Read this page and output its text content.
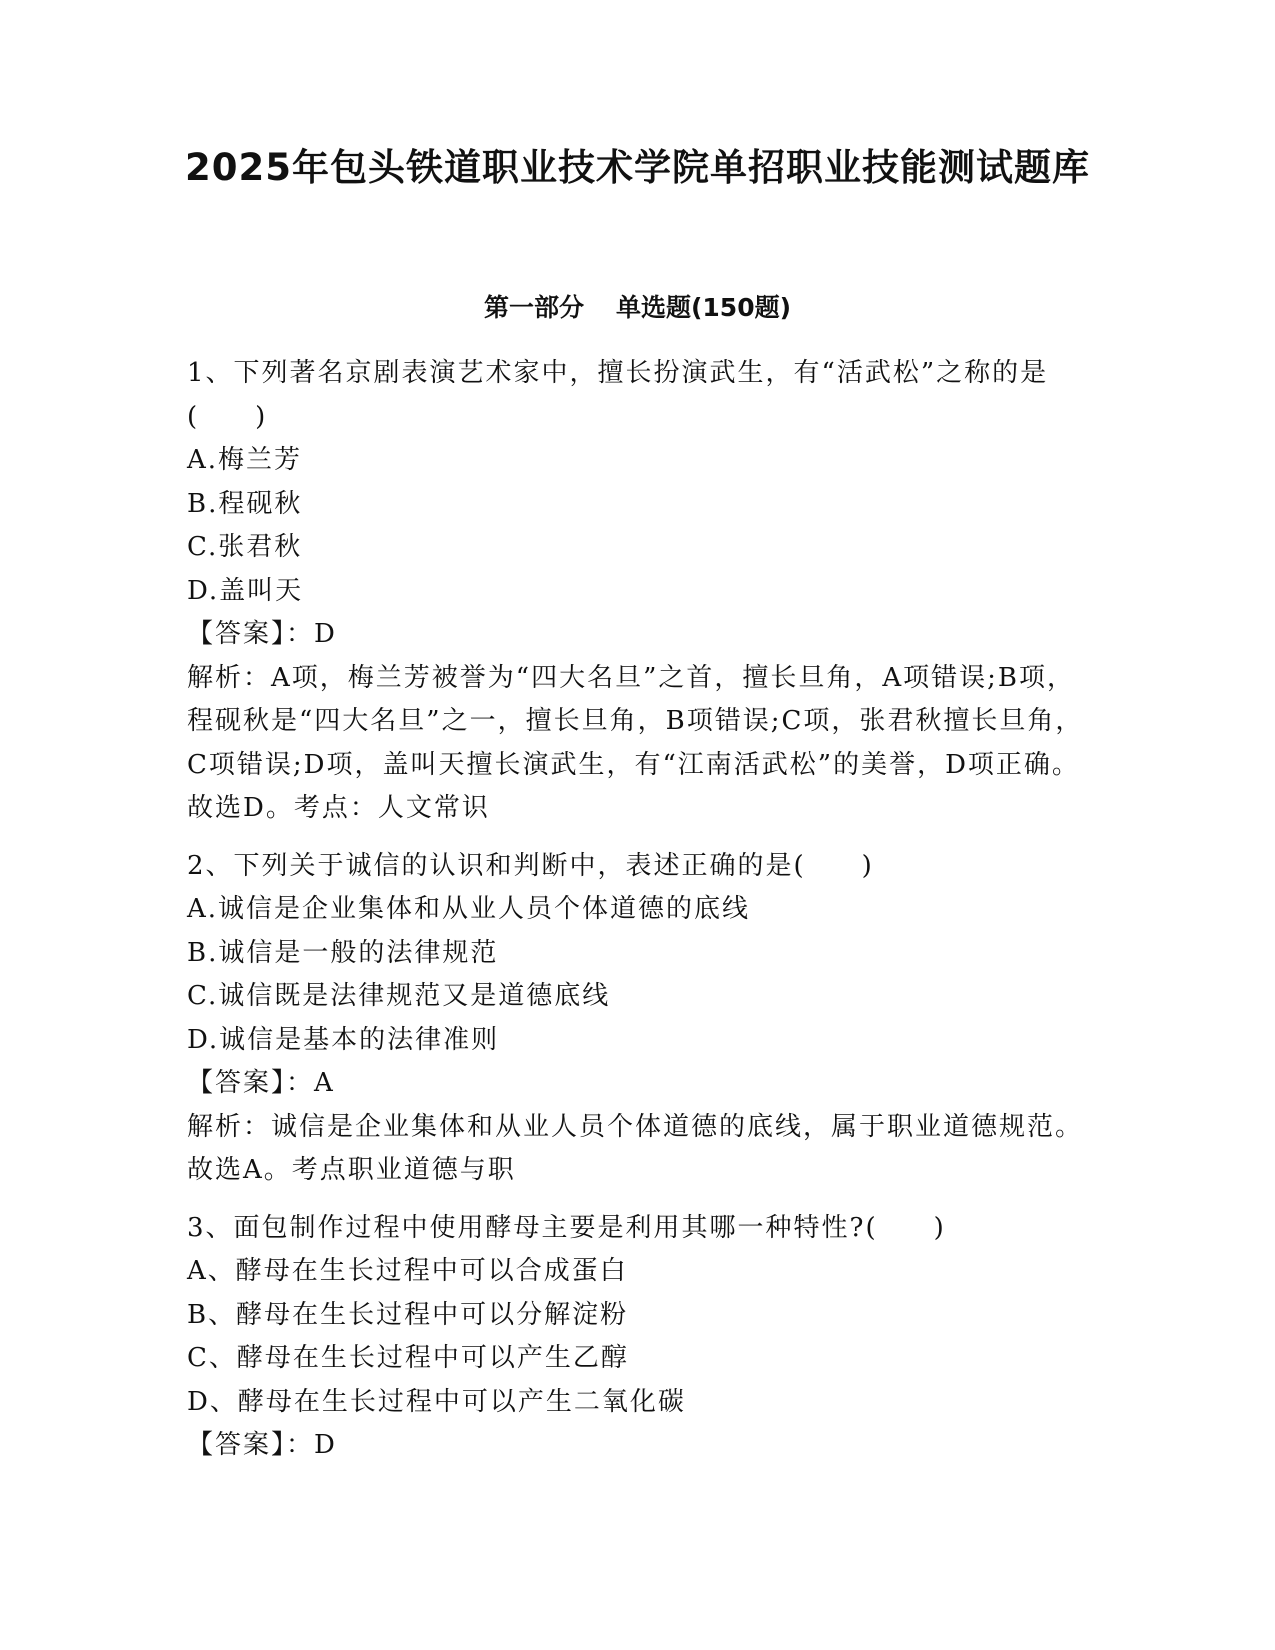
2025年包头铁道职业技术学院单招职业技能测试题库
第一部分 单选题(150题)

1、下列著名京剧表演艺术家中，擅长扮演武生，有“活武松”之称的是(　　)

A.梅兰芳

B.程砚秋

C.张君秋

D.盖叫天

【答案】：D

解析：A项，梅兰芳被誉为“四大名旦”之首，擅长旦角，A项错误;B项，程砚秋是“四大名旦”之一，擅长旦角，B项错误;C项，张君秋擅长旦角，C项错误;D项，盖叫天擅长演武生，有“江南活武松”的美誉，D项正确。故选D。考点：人文常识

2、下列关于诚信的认识和判断中，表述正确的是(　　)

A.诚信是企业集体和从业人员个体道德的底线

B.诚信是一般的法律规范

C.诚信既是法律规范又是道德底线

D.诚信是基本的法律准则

【答案】：A

解析：诚信是企业集体和从业人员个体道德的底线，属于职业道德规范。故选A。考点职业道德与职

3、面包制作过程中使用酵母主要是利用其哪一种特性?(　　)

A、酵母在生长过程中可以合成蛋白

B、酵母在生长过程中可以分解淀粉

C、酵母在生长过程中可以产生乙醇

D、酵母在生长过程中可以产生二氧化碳

【答案】：D
